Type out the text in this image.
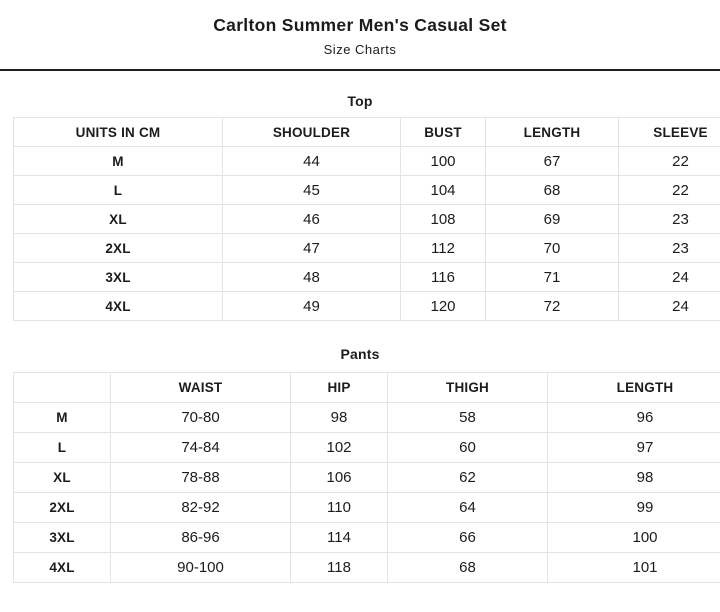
Carlton Summer Men's Casual Set

Size Charts

Top
UNITS IN CM	SHOULDER	BUST	LENGTH	SLEEVE
M	44	100	67	22
L	45	104	68	22
XL	46	108	69	23
2XL	47	112	70	23
3XL	48	116	71	24
4XL	49	120	72	24
Pants
	WAIST	HIP	THIGH	LENGTH
M	70-80	98	58	96
L	74-84	102	60	97
XL	78-88	106	62	98
2XL	82-92	110	64	99
3XL	86-96	114	66	100
4XL	90-100	118	68	101
